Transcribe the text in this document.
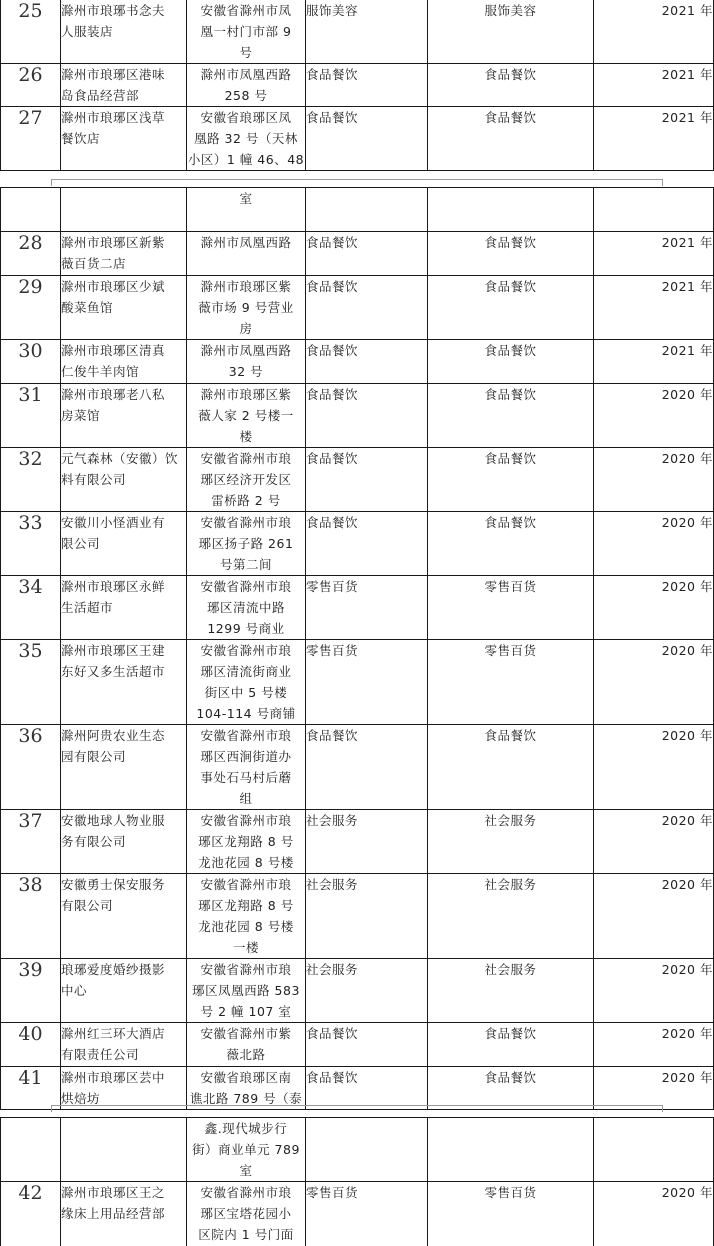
25	滁州市琅琊书念夫
人服装店	安徽省滁州市凤
凰一村门市部 9
号	服饰美容	服饰美容	2021 年

26	滁州市琅琊区港味
岛食品经营部	滁州市凤凰西路
258 号	食品餐饮	食品餐饮	2021 年

27	滁州市琅琊区浅草
餐饮店	安徽省琅琊区凤
凰路 32 号（天林
小区）1 幢 46、48	食品餐饮	食品餐饮	2021 年

		室			

28	滁州市琅琊区新紫
薇百货二店	滁州市凤凰西路	食品餐饮	食品餐饮	2021 年

29	滁州市琅琊区少斌
酸菜鱼馆	滁州市琅琊区紫
薇市场 9 号营业
房	食品餐饮	食品餐饮	2021 年

30	滁州市琅琊区清真
仁俊牛羊肉馆	滁州市凤凰西路
32 号	食品餐饮	食品餐饮	2021 年

31	滁州市琅琊老八私
房菜馆	滁州市琅琊区紫
薇人家 2 号楼一
楼	食品餐饮	食品餐饮	2020 年

32	元气森林（安徽）饮
料有限公司	安徽省滁州市琅
琊区经济开发区
雷桥路 2 号	食品餐饮	食品餐饮	2020 年

33	安徽川小怪酒业有
限公司	安徽省滁州市琅
琊区扬子路 261
号第二间	食品餐饮	食品餐饮	2020 年

34	滁州市琅琊区永鲜
生活超市	安徽省滁州市琅
琊区清流中路
1299 号商业	零售百货	零售百货	2020 年

35	滁州市琅琊区王建
东好又多生活超市	安徽省滁州市琅
琊区清流街商业
街区中 5 号楼
104-114 号商铺	零售百货	零售百货	2020 年

36	滁州阿贵农业生态
园有限公司	安徽省滁州市琅
琊区西涧街道办
事处石马村后蘑
组	食品餐饮	食品餐饮	2020 年

37	安徽地球人物业服
务有限公司	安徽省滁州市琅
琊区龙翔路 8 号
龙池花园 8 号楼	社会服务	社会服务	2020 年

38	安徽勇士保安服务
有限公司	安徽省滁州市琅
琊区龙翔路 8 号
龙池花园 8 号楼
一楼	社会服务	社会服务	2020 年

39	琅琊爱度婚纱摄影
中心	安徽省滁州市琅
琊区凤凰西路 583
号 2 幢 107 室	社会服务	社会服务	2020 年

40	滁州红三环大酒店
有限责任公司	安徽省滁州市紫
薇北路	食品餐饮	食品餐饮	2020 年

41	滁州市琅琊区芸中
烘焙坊	安徽省琅琊区南
谯北路 789 号（泰	食品餐饮	食品餐饮	2020 年

		鑫.现代城步行
街）商业单元 789
室			

42	滁州市琅琊区王之
缘床上用品经营部	安徽省滁州市琅
琊区宝塔花园小
区院内 1 号门面	零售百货	零售百货	2020 年
